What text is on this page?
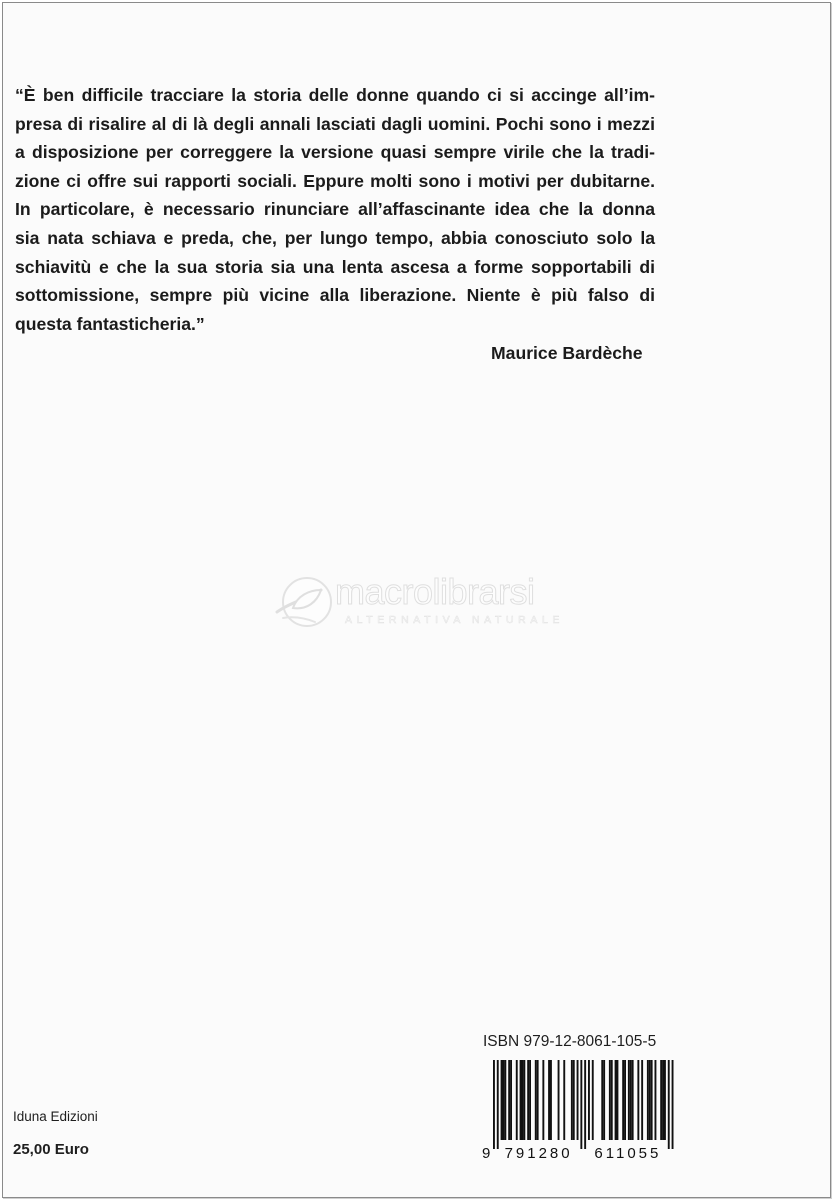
“È ben difficile tracciare la storia delle donne quando ci si accinge all’im-
presa di risalire al di là degli annali lasciati dagli uomini. Pochi sono i mezzi
a disposizione per correggere la versione quasi sempre virile che la tradi-
zione ci offre sui rapporti sociali. Eppure molti sono i motivi per dubitarne.
In particolare, è necessario rinunciare all’affascinante idea che la donna
sia nata schiava e preda, che, per lungo tempo, abbia conosciuto solo la
schiavitù e che la sua storia sia una lenta ascesa a forme sopportabili di
sottomissione, sempre più vicine alla liberazione. Niente è più falso di
questa fantasticheria.”

Maurice Bardèche
macrolibrarsi
ALTERNATIVA NATURALE
ISBN 979-12-8061-105-5
9 791280 611055
Iduna Edizioni
25,00 Euro
